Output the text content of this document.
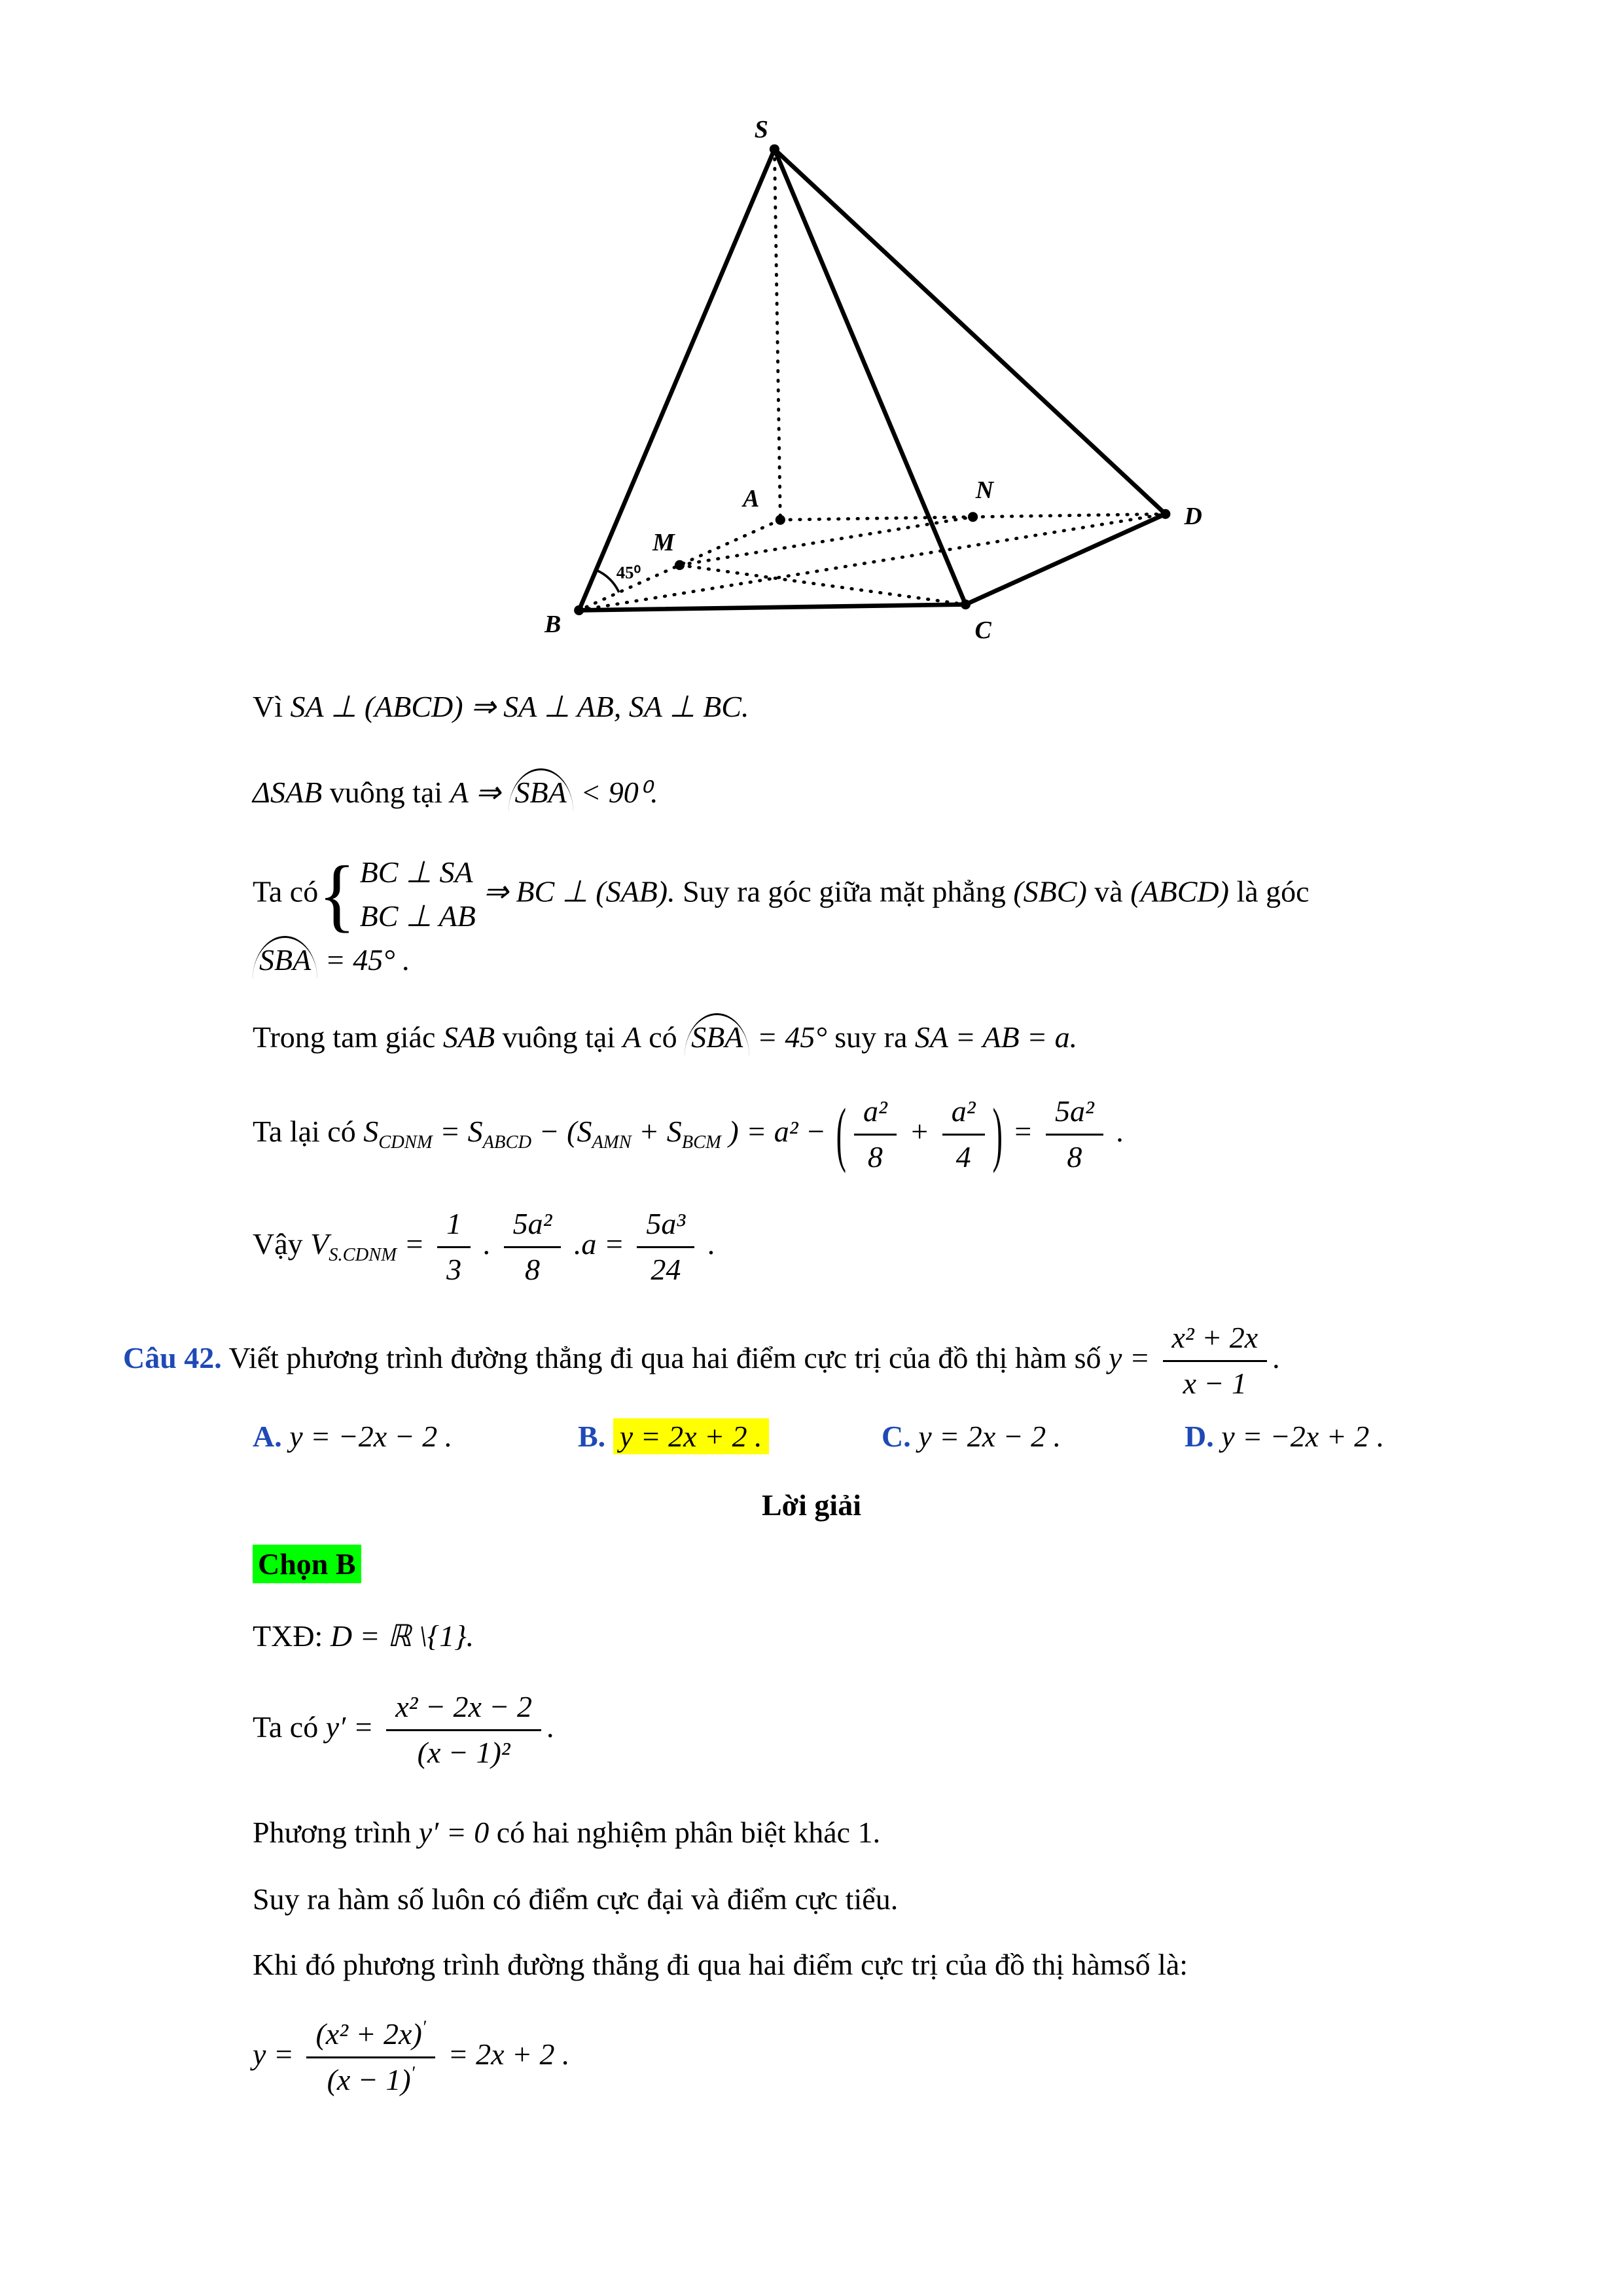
S
A
B	C
D
M
N
45⁰
Vì SA ⊥ (ABCD) ⇒ SA ⊥ AB, SA ⊥ BC.
ΔSAB vuông tại A ⇒ SBA < 90⁰.
Ta có{ BC ⊥ SA
BC ⊥ AB
⇒ BC ⊥ (SAB). Suy ra góc giữa mặt phẳng (SBC) và (ABCD) là góc
SBA = 45° .
Trong tam giác SAB vuông tại A có SBA = 45° suy ra SA = AB = a.
Ta lại có $S_{CDNM} = S_{ABCD} - (S_{AMN} + S_{BCM}$ ) = a² − ( $\frac{\text{a²}}{8} + \frac{\text{a²}}{4}$ ) = $\frac{\text{5a²}}{8}$ .
Vậy $V_{S.CDNM} = \frac{1}{3}$ . $\frac{\text{5a²}}{8} .a = \frac{\text{5a³}}{24}$ .
Câu 42. Viết phương trình đường thẳng đi qua hai điểm cực trị của đồ thị hàm số $y = \frac{\text{x² + 2x}}{x - 1}$ .
A. y = −2x − 2 .	B. y = 2x + 2 .	C. y = 2x − 2 .	D. y = −2x + 2 .
Lời giải
Chọn B
TXĐ: D = ℝ \{1}.
Ta có $y' = \frac{\text{x² − 2x − 2}}{\text{(x − 1)²}}$ .
Phương trình y′ = 0 có hai nghiệm phân biệt khác 1.
Suy ra hàm số luôn có điểm cực đại và điểm cực tiểu.
Khi đó phương trình đường thẳng đi qua hai điểm cực trị của đồ thị hàmsố là:
$y = \frac{(x^2 + 2x)'}{(x - 1)'} = 2x + 2$ .
